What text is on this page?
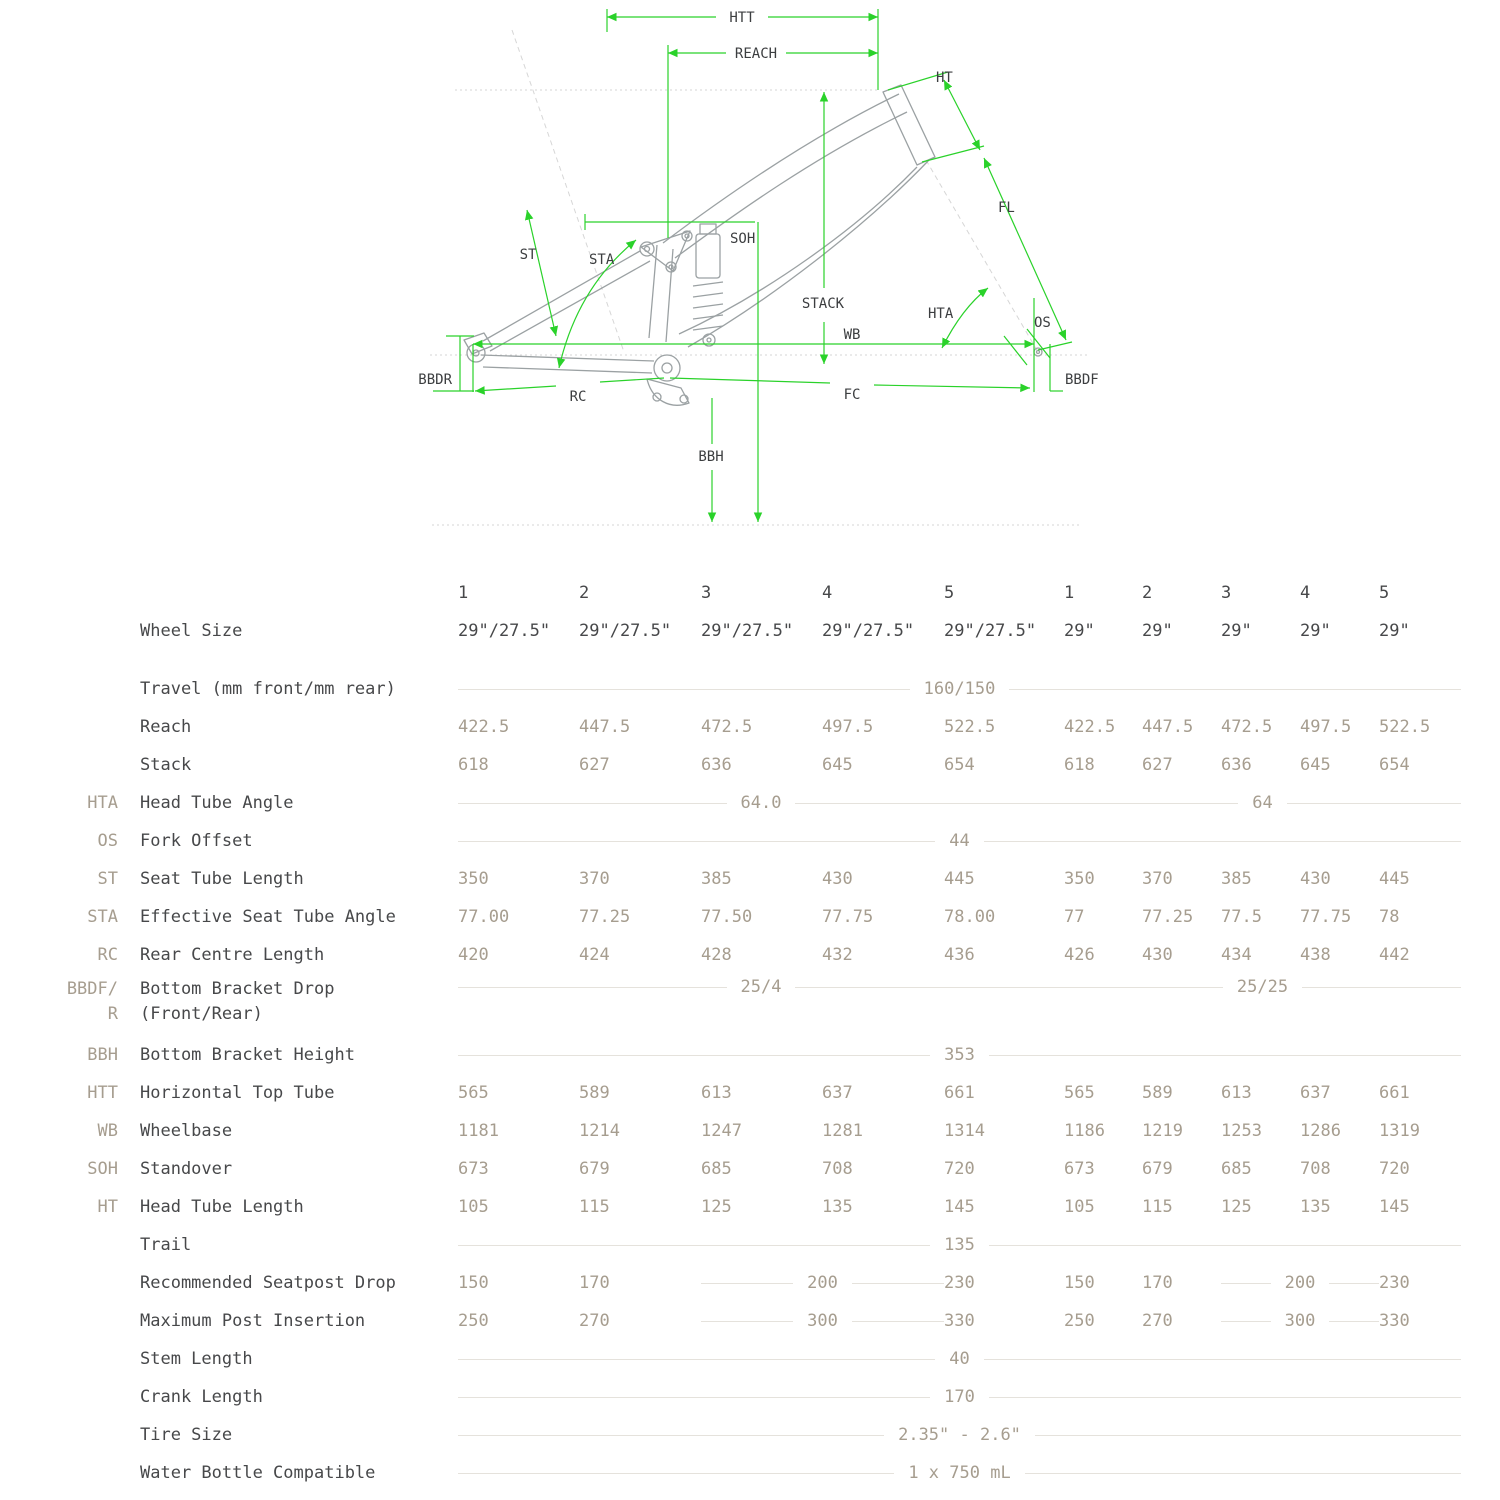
HTT
REACH
HT
FL
SOH
ST	STA
STACK
HTA
OS
WB
BBDR
RC	FC
BBDF
BBH
1	2	3	4	5	1	2	3	4	5
Wheel Size	29"/27.5" 29"/27.5" 29"/27.5" 29"/27.5" 29"/27.5" 29"	29"	29"	29"	29"
Travel (mm front/mm rear)	160/150
Reach	422.5	447.5	472.5	497.5	522.5	422.5 447.5 472.5 497.5 522.5
Stack	618	627	636	645	654	618	627	636	645	654
HTA Head Tube Angle	64.0	64
OS Fork Offset	44
ST Seat Tube Length	350	370	385	430	445	350	370	385	430	445
STA Effective Seat Tube Angle	77.00	77.25	77.50	77.75	78.00	77	77.25 77.5 77.75 78
RC Rear Centre Length	420	424	428	432	436	426	430	434	438	442
BBDF/
R
Bottom Bracket Drop
(Front/Rear)
25/4	25/25
BBH Bottom Bracket Height	353
HTT Horizontal Top Tube	565	589	613	637	661	565	589	613	637	661
WB Wheelbase	1181	1214	1247	1281	1314	1186 1219 1253 1286 1319
SOH Standover	673	679	685	708	720	673	679	685	708	720
HT Head Tube Length	105	115	125	135	145	105	115	125	135	145
Trail	135
Recommended Seatpost Drop	150	170	200	230	150	170	200	230
Maximum Post Insertion	250	270	300	330	250	270	300	330
Stem Length	40
Crank Length	170
Tire Size	2.35" - 2.6"
Water Bottle Compatible	1 x 750 mL
